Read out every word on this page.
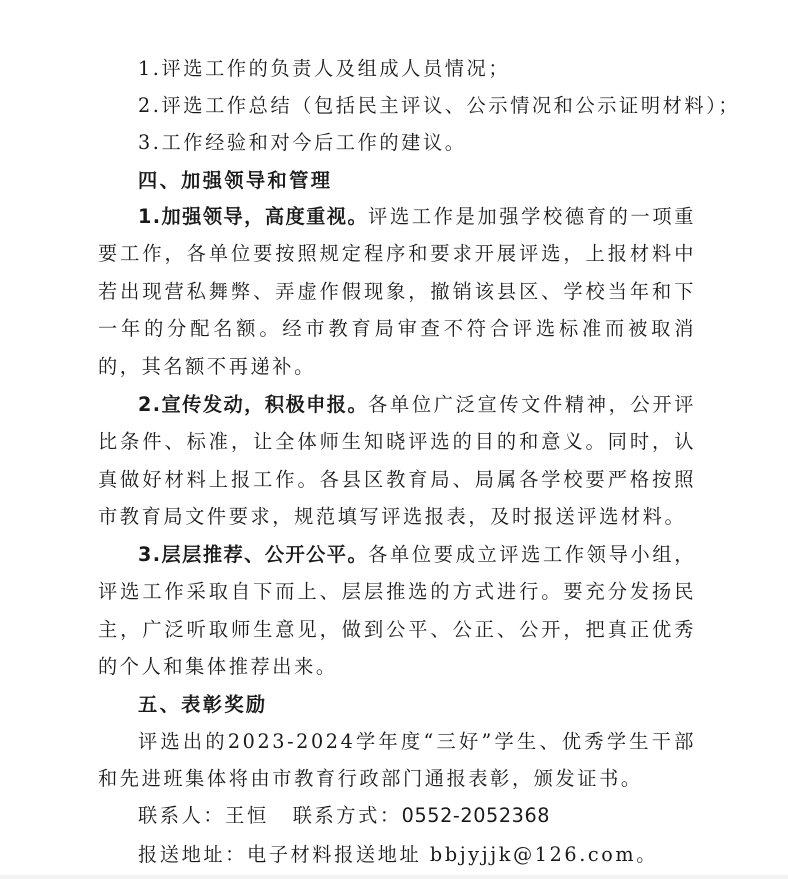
1.评选工作的负责人及组成人员情况；
2.评选工作总结（包括民主评议、公示情况和公示证明材料）；
3.工作经验和对今后工作的建议。
四、加强领导和管理
1.加强领导，高度重视。评选工作是加强学校德育的一项重要工作，各单位要按照规定程序和要求开展评选，上报材料中若出现营私舞弊、弄虚作假现象，撤销该县区、学校当年和下一年的分配名额。经市教育局审查不符合评选标准而被取消的，其名额不再递补。
2.宣传发动，积极申报。各单位广泛宣传文件精神，公开评比条件、标准，让全体师生知晓评选的目的和意义。同时，认真做好材料上报工作。各县区教育局、局属各学校要严格按照市教育局文件要求，规范填写评选报表，及时报送评选材料。
3.层层推荐、公开公平。各单位要成立评选工作领导小组，评选工作采取自下而上、层层推选的方式进行。要充分发扬民主，广泛听取师生意见，做到公平、公正、公开，把真正优秀的个人和集体推荐出来。
五、表彰奖励
评选出的2023-2024学年度“三好”学生、优秀学生干部和先进班集体将由市教育行政部门通报表彰，颁发证书。
联系人：王恒 联系方式：0552-2052368
报送地址：电子材料报送地址 bbjyjjk@126.com。
